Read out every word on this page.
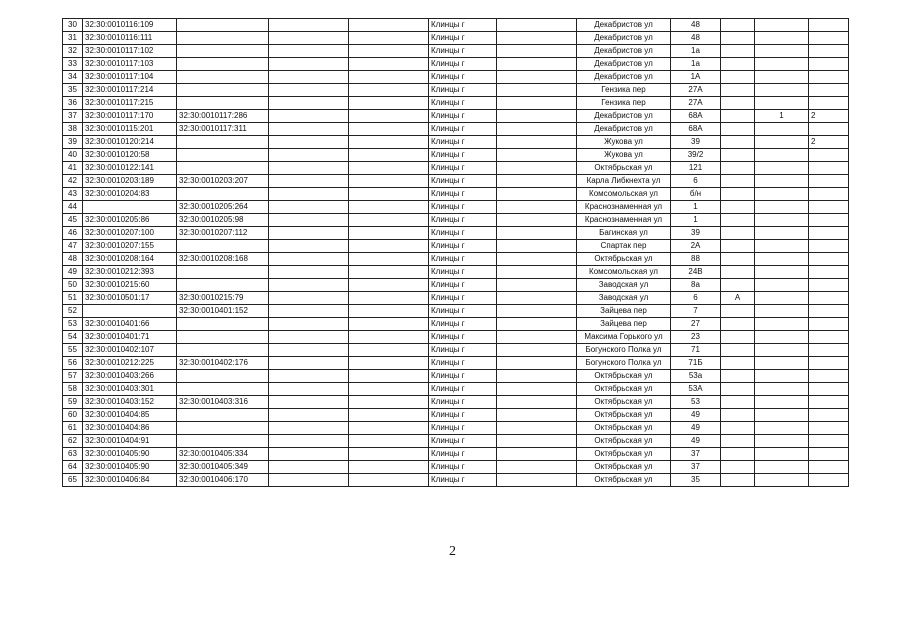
30	32:30:0010116:109				Клинцы г		Декабристов ул	48			
31	32:30:0010116:111				Клинцы г		Декабристов ул	48			
32	32:30:0010117:102				Клинцы г		Декабристов ул	1а			
33	32:30:0010117:103				Клинцы г		Декабристов ул	1а			
34	32:30:0010117:104				Клинцы г		Декабристов ул	1А			
35	32:30:0010117:214				Клинцы г		Гензика пер	27А			
36	32:30:0010117:215				Клинцы г		Гензика пер	27А			
37	32:30:0010117:170	32:30:0010117:286			Клинцы г		Декабристов ул	68А		1	2
38	32:30:0010115:201	32:30:0010117:311			Клинцы г		Декабристов ул	68А			
39	32:30:0010120:214				Клинцы г		Жукова ул	39			2
40	32:30:0010120:58				Клинцы г		Жукова ул	39/2			
41	32:30:0010122:141				Клинцы г		Октябрьская ул	121			
42	32:30:0010203:189	32:30:0010203:207			Клинцы г		Карла Либкнехта ул	6			
43	32:30:0010204:83				Клинцы г		Комсомольская ул	б/н			
44		32:30:0010205:264			Клинцы г		Краснознаменная ул	1			
45	32:30:0010205:86	32:30:0010205:98			Клинцы г		Краснознаменная ул	1			
46	32:30:0010207:100	32:30:0010207:112			Клинцы г		Багинская ул	39			
47	32:30:0010207:155				Клинцы г		Спартак пер	2А			
48	32:30:0010208:164	32:30:0010208:168			Клинцы г		Октябрьская ул	88			
49	32:30:0010212:393				Клинцы г		Комсомольская ул	24В			
50	32:30:0010215:60				Клинцы г		Заводская ул	8а			
51	32:30:0010501:17	32:30:0010215:79			Клинцы г		Заводская ул	6	А		
52		32:30:0010401:152			Клинцы г		Зайцева пер	7			
53	32:30:0010401:66				Клинцы г		Зайцева пер	27			
54	32:30:0010401:71				Клинцы г		Максима Горького ул	23			
55	32:30:0010402:107				Клинцы г		Богунского Полка ул	71			
56	32:30:0010212:225	32:30:0010402:176			Клинцы г		Богунского Полка ул	71Б			
57	32:30:0010403:266				Клинцы г		Октябрьская ул	53а			
58	32:30:0010403:301				Клинцы г		Октябрьская ул	53А			
59	32:30:0010403:152	32:30:0010403:316			Клинцы г		Октябрьская ул	53			
60	32:30:0010404:85				Клинцы г		Октябрьская ул	49			
61	32:30:0010404:86				Клинцы г		Октябрьская ул	49			
62	32:30:0010404:91				Клинцы г		Октябрьская ул	49			
63	32:30:0010405:90	32:30:0010405:334			Клинцы г		Октябрьская ул	37			
64	32:30:0010405:90	32:30:0010405:349			Клинцы г		Октябрьская ул	37			
65	32:30:0010406:84	32:30:0010406:170			Клинцы г		Октябрьская ул	35			
2
